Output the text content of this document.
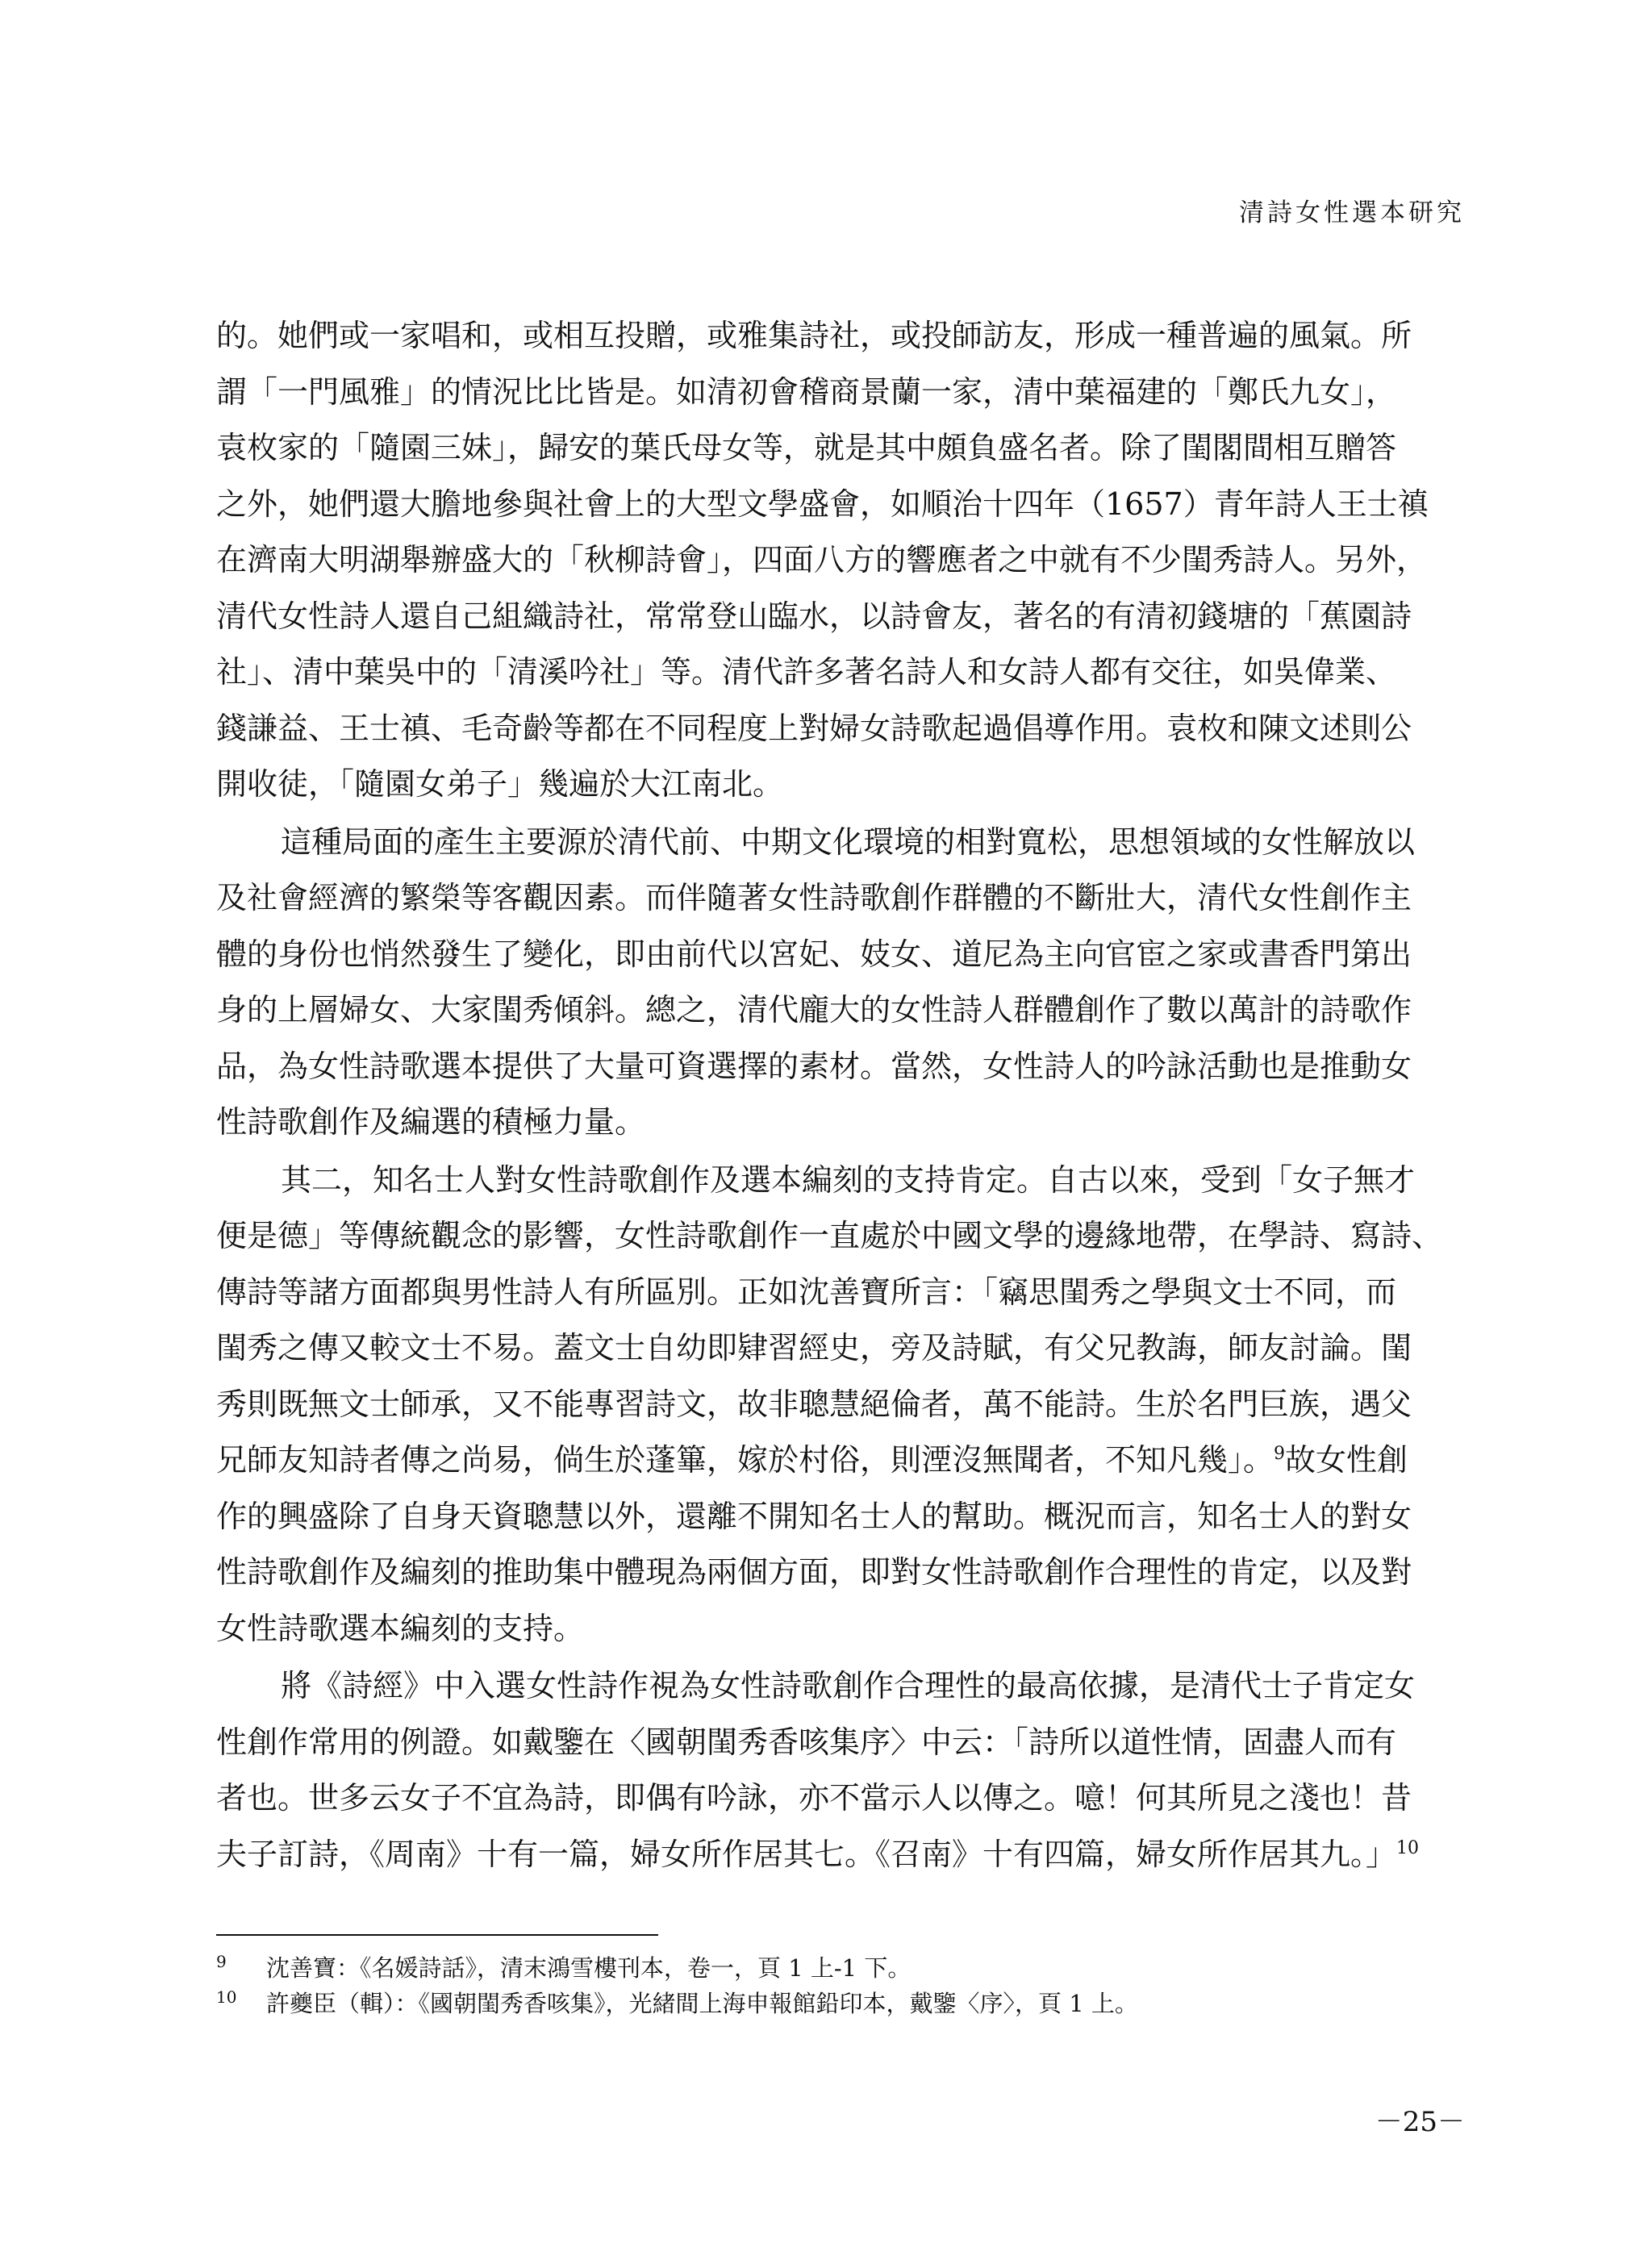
清詩女性選本研究
的。她們或一家唱和，或相互投贈，或雅集詩社，或投師訪友，形成一種普遍的風氣。所
謂「一門風雅」的情況比比皆是。如清初會稽商景蘭一家，清中葉福建的「鄭氏九女」，
袁枚家的「隨園三妹」，歸安的葉氏母女等，就是其中頗負盛名者。除了閨閣間相互贈答
之外，她們還大膽地參與社會上的大型文學盛會，如順治十四年（1657）青年詩人王士禛
在濟南大明湖舉辦盛大的「秋柳詩會」，四面八方的響應者之中就有不少閨秀詩人。另外，
清代女性詩人還自己組織詩社，常常登山臨水，以詩會友，著名的有清初錢塘的「蕉園詩
社」、清中葉吳中的「清溪吟社」等。清代許多著名詩人和女詩人都有交往，如吳偉業、
錢謙益、王士禛、毛奇齡等都在不同程度上對婦女詩歌起過倡導作用。袁枚和陳文述則公
開收徒，「隨園女弟子」幾遍於大江南北。
這種局面的產生主要源於清代前、中期文化環境的相對寬松，思想領域的女性解放以
及社會經濟的繁榮等客觀因素。而伴隨著女性詩歌創作群體的不斷壯大，清代女性創作主
體的身份也悄然發生了變化，即由前代以宮妃、妓女、道尼為主向官宦之家或書香門第出
身的上層婦女、大家閨秀傾斜。總之，清代龐大的女性詩人群體創作了數以萬計的詩歌作
品，為女性詩歌選本提供了大量可資選擇的素材。當然，女性詩人的吟詠活動也是推動女
性詩歌創作及編選的積極力量。
其二，知名士人對女性詩歌創作及選本編刻的支持肯定。自古以來，受到「女子無才
便是德」等傳統觀念的影響，女性詩歌創作一直處於中國文學的邊緣地帶，在學詩、寫詩、
傳詩等諸方面都與男性詩人有所區別。正如沈善寶所言：「竊思閨秀之學與文士不同，而
閨秀之傳又較文士不易。蓋文士自幼即肄習經史，旁及詩賦，有父兄教誨，師友討論。閨
秀則既無文士師承，又不能專習詩文，故非聰慧絕倫者，萬不能詩。生於名門巨族，遇父
兄師友知詩者傳之尚易，倘生於蓬篳，嫁於村俗，則湮沒無聞者，不知凡幾」。$^9$故女性創
作的興盛除了自身天資聰慧以外，還離不開知名士人的幫助。概況而言，知名士人的對女
性詩歌創作及編刻的推助集中體現為兩個方面，即對女性詩歌創作合理性的肯定，以及對
女性詩歌選本編刻的支持。
將《詩經》中入選女性詩作視為女性詩歌創作合理性的最高依據，是清代士子肯定女
性創作常用的例證。如戴鑒在〈國朝閨秀香咳集序〉中云：「詩所以道性情，固盡人而有
者也。世多云女子不宜為詩，即偶有吟詠，亦不當示人以傳之。噫！何其所見之淺也！昔
夫子訂詩，《周南》十有一篇，婦女所作居其七。《召南》十有四篇，婦女所作居其九。」$^{10}$
9 沈善寶：《名媛詩話》，清末鴻雪樓刊本，卷一，頁 1 上-1 下。
10 許夔臣（輯）：《國朝閨秀香咳集》，光緒間上海申報館鉛印本，戴鑒〈序〉，頁 1 上。
－25－
